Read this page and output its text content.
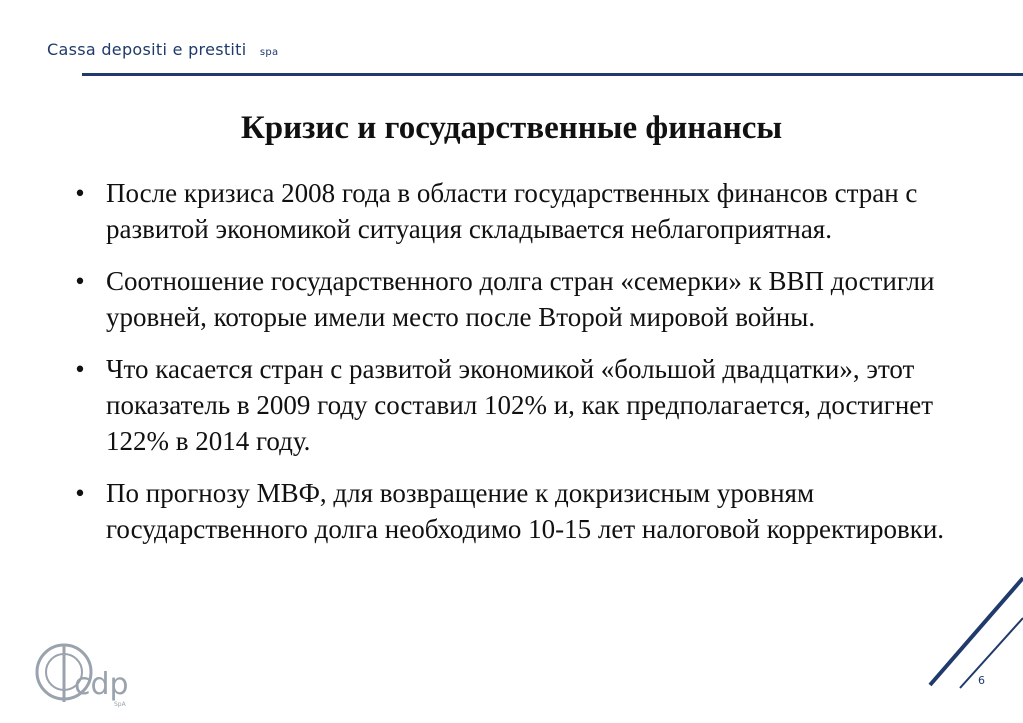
Cassa depositi e prestiti spa
Кризис и государственные финансы
• После кризиса 2008 года в области государственных финансов стран с развитой экономикой ситуация складывается неблагоприятная.
• Соотношение государственного долга стран «семерки» к ВВП достигли уровней, которые имели место после Второй мировой войны.
• Что касается стран с развитой экономикой «большой двадцатки», этот показатель в 2009 году составил 102% и, как предполагается, достигнет 122% в 2014 году.
• По прогнозу МВФ, для возвращение к докризисным уровням государственного долга необходимо 10-15 лет налоговой корректировки.
cdp
SpA
6
